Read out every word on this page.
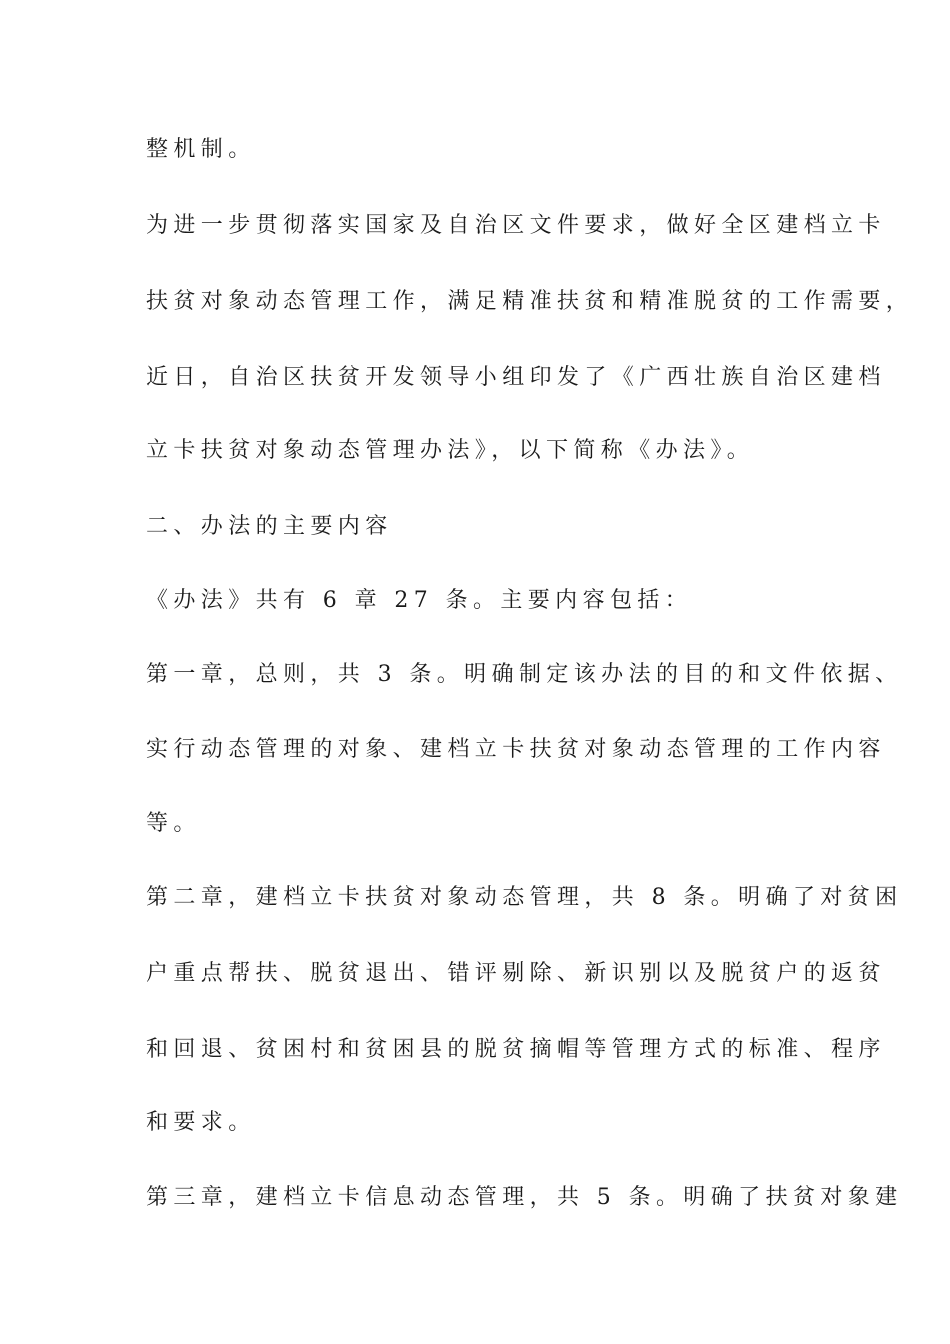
整机制。
为进一步贯彻落实国家及自治区文件要求，做好全区建档立卡
扶贫对象动态管理工作，满足精准扶贫和精准脱贫的工作需要，
近日，自治区扶贫开发领导小组印发了《广西壮族自治区建档
立卡扶贫对象动态管理办法》，以下简称《办法》。
二、办法的主要内容
《办法》共有 6 章 27 条。主要内容包括：
第一章，总则，共 3 条。明确制定该办法的目的和文件依据、
实行动态管理的对象、建档立卡扶贫对象动态管理的工作内容
等。
第二章，建档立卡扶贫对象动态管理，共 8 条。明确了对贫困
户重点帮扶、脱贫退出、错评剔除、新识别以及脱贫户的返贫
和回退、贫困村和贫困县的脱贫摘帽等管理方式的标准、程序
和要求。
第三章，建档立卡信息动态管理，共 5 条。明确了扶贫对象建
